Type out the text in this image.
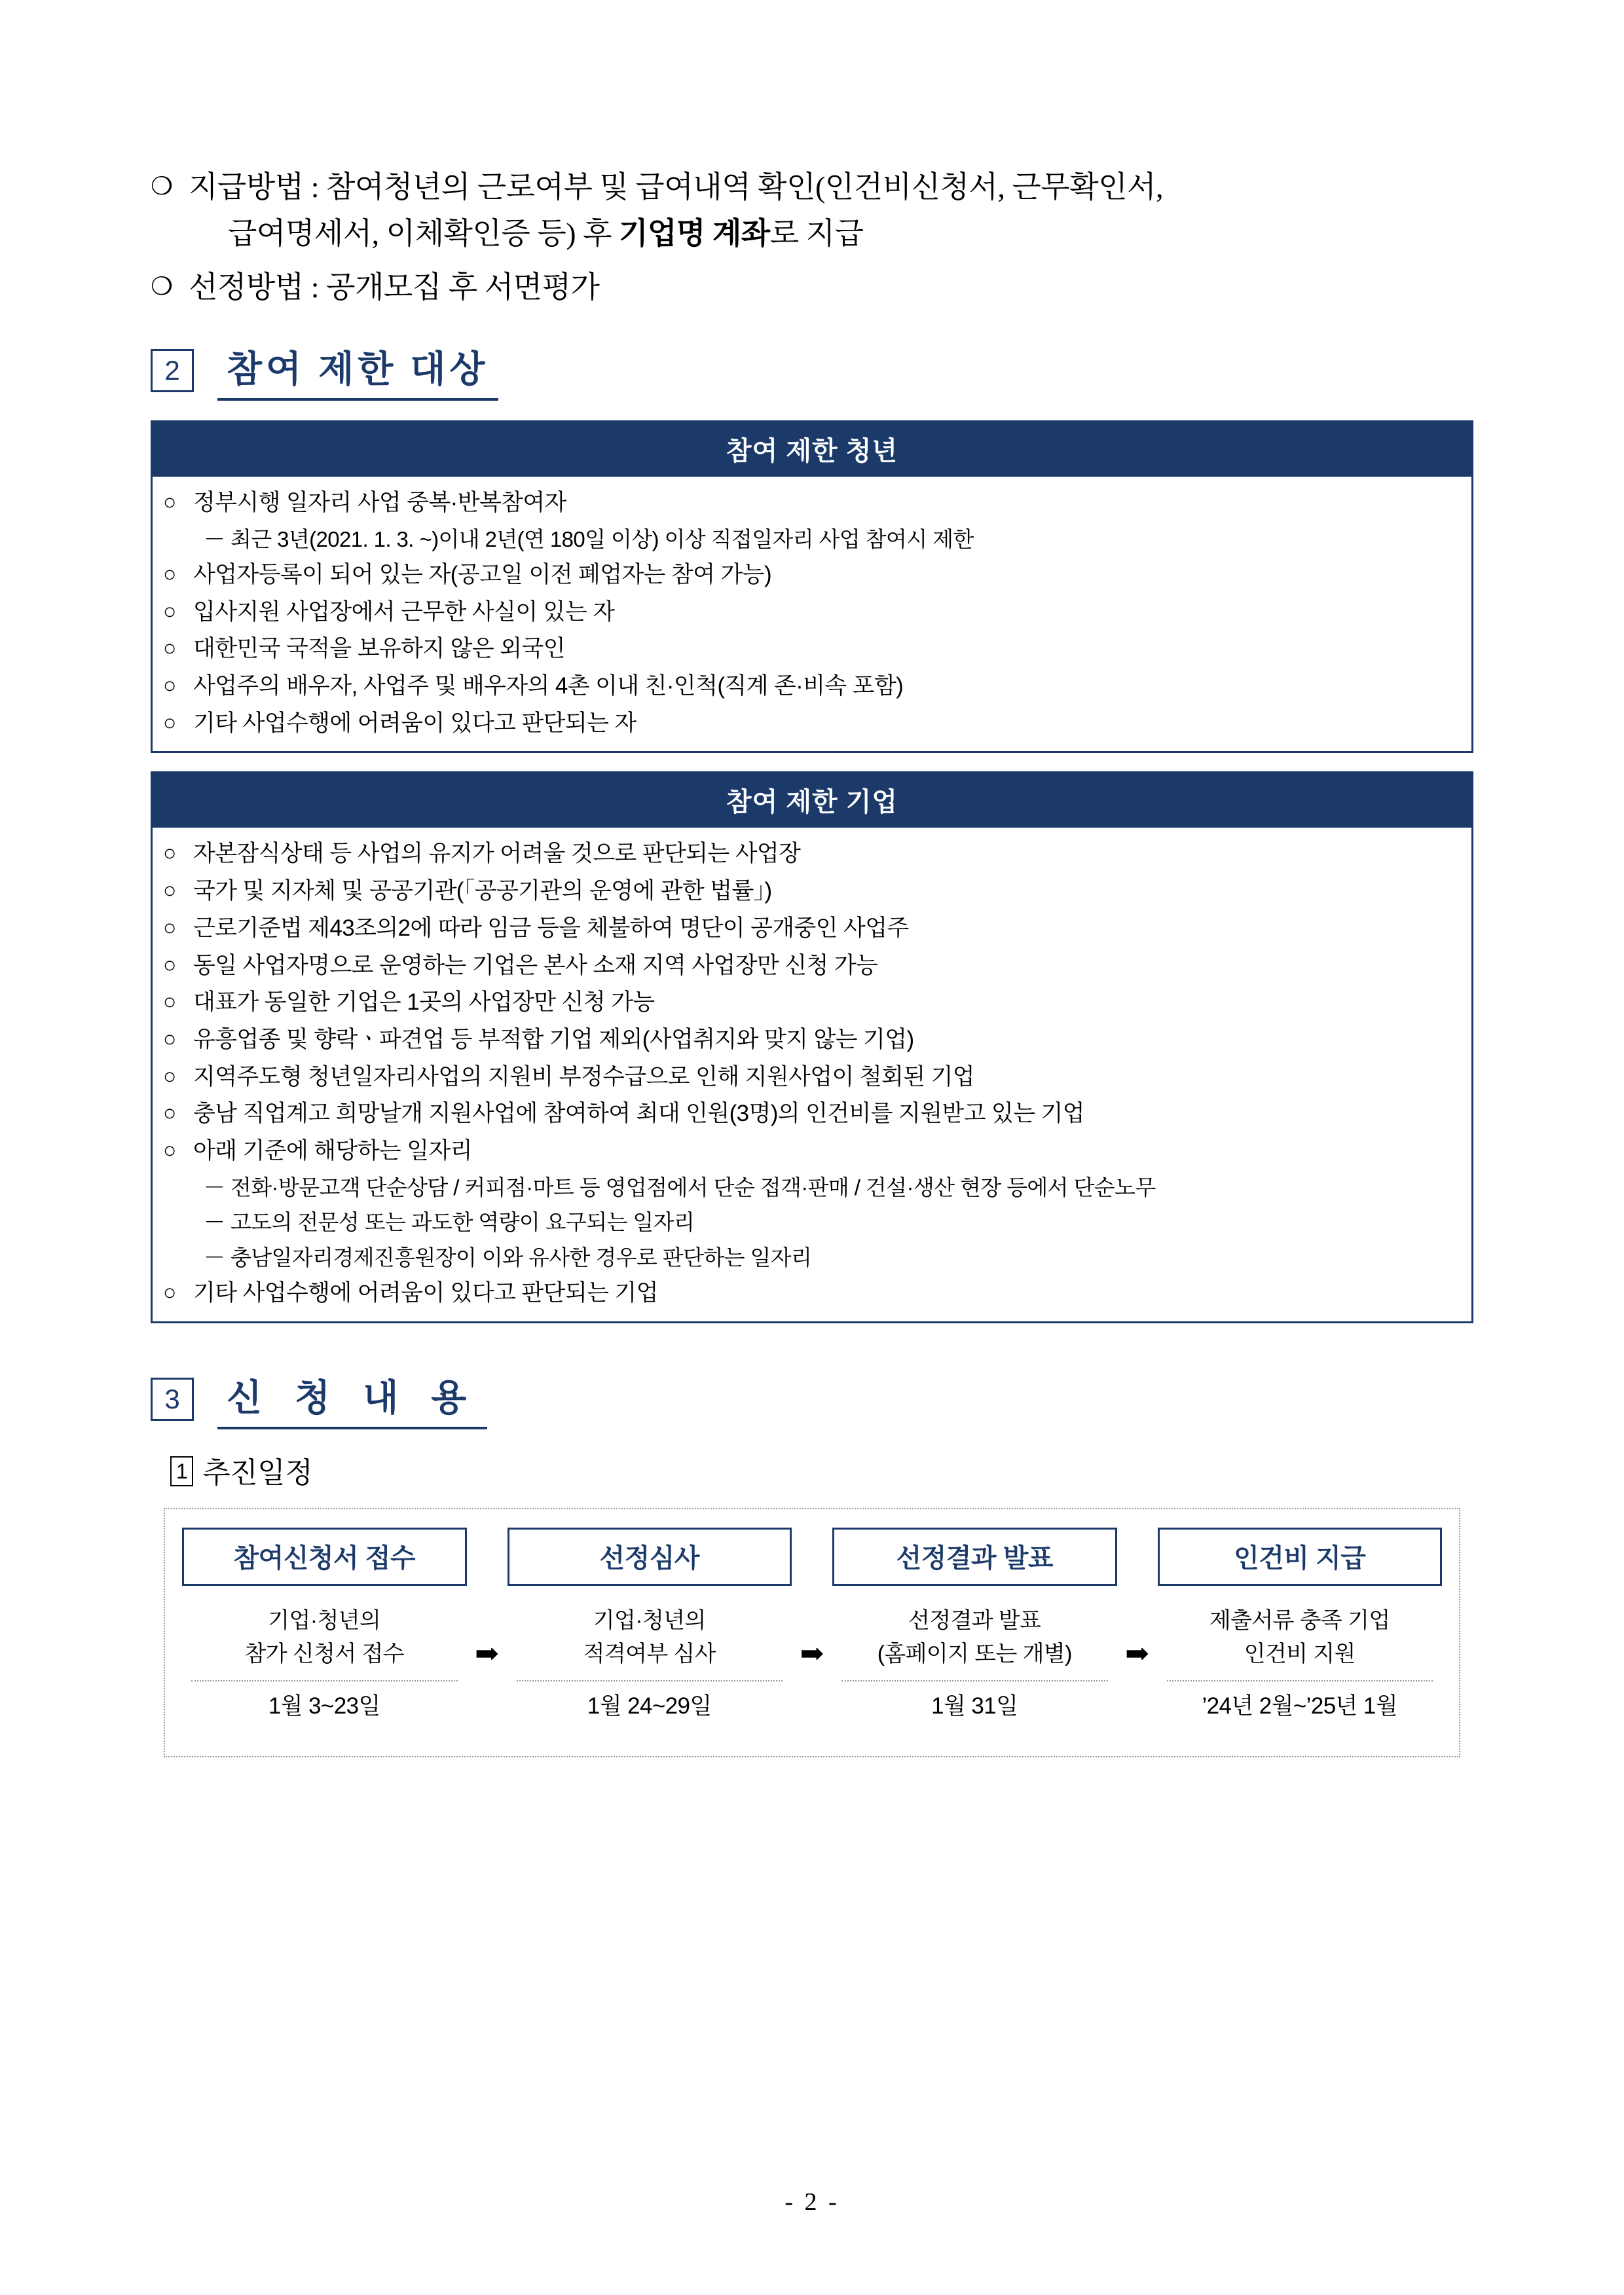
❍ 지급방법 : 참여청년의 근로여부 및 급여내역 확인(인건비신청서, 근무확인서,
급여명세서, 이체확인증 등) 후 기업명 계좌로 지급
❍ 선정방법 : 공개모집 후 서면평가
2	참여 제한 대상
참여 제한 청년
○ 정부시행 일자리 사업 중복·반복참여자
－ 최근 3년(2021. 1. 3. ~)이내 2년(연 180일 이상) 이상 직접일자리 사업 참여시 제한
○ 사업자등록이 되어 있는 자(공고일 이전 폐업자는 참여 가능)
○ 입사지원 사업장에서 근무한 사실이 있는 자
○ 대한민국 국적을 보유하지 않은 외국인
○ 사업주의 배우자, 사업주 및 배우자의 4촌 이내 친·인척(직계 존·비속 포함)
○ 기타 사업수행에 어려움이 있다고 판단되는 자
참여 제한 기업
○ 자본잠식상태 등 사업의 유지가 어려울 것으로 판단되는 사업장
○ 국가 및 지자체 및 공공기관(「공공기관의 운영에 관한 법률」)
○ 근로기준법 제43조의2에 따라 임금 등을 체불하여 명단이 공개중인 사업주
○ 동일 사업자명으로 운영하는 기업은 본사 소재 지역 사업장만 신청 가능
○ 대표가 동일한 기업은 1곳의 사업장만 신청 가능
○ 유흥업종 및 향락ㆍ파견업 등 부적합 기업 제외(사업취지와 맞지 않는 기업)
○ 지역주도형 청년일자리사업의 지원비 부정수급으로 인해 지원사업이 철회된 기업
○ 충남 직업계고 희망날개 지원사업에 참여하여 최대 인원(3명)의 인건비를 지원받고 있는 기업
○ 아래 기준에 해당하는 일자리
－ 전화·방문고객 단순상담 / 커피점·마트 등 영업점에서 단순 접객·판매 / 건설·생산 현장 등에서 단순노무
－ 고도의 전문성 또는 과도한 역량이 요구되는 일자리
－ 충남일자리경제진흥원장이 이와 유사한 경우로 판단하는 일자리
○ 기타 사업수행에 어려움이 있다고 판단되는 기업
3	신 청 내 용
1 추진일정
참여신청서 접수
기업·청년의
참가 신청서 접수
1월 3~23일
➡
선정심사
기업·청년의
적격여부 심사
1월 24~29일
➡
선정결과 발표
선정결과 발표
(홈페이지 또는 개별)
1월 31일
➡
인건비 지급
제출서류 충족 기업
인건비 지원
’24년 2월~’25년 1월
- 2 -
